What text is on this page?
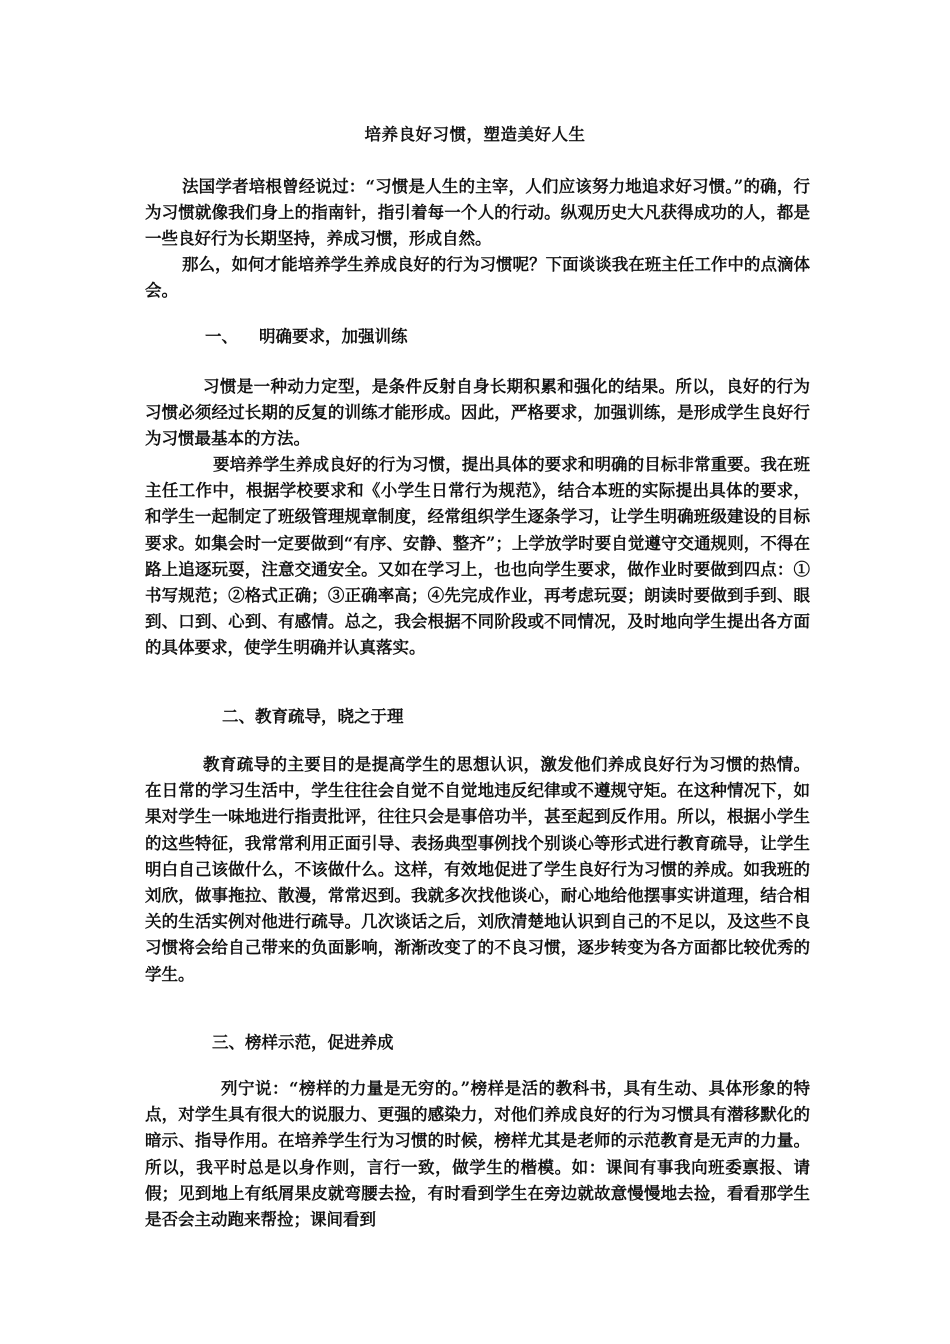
培养良好习惯，塑造美好人生

法国学者培根曾经说过：“习惯是人生的主宰，人们应该努力地追求好习惯。”的确，行为习惯就像我们身上的指南针，指引着每一个人的行动。纵观历史大凡获得成功的人，都是一些良好行为长期坚持，养成习惯，形成自然。

那么，如何才能培养学生养成良好的行为习惯呢？下面谈谈我在班主任工作中的点滴体会。

一、 明确要求，加强训练

习惯是一种动力定型，是条件反射自身长期积累和强化的结果。所以，良好的行为习惯必须经过长期的反复的训练才能形成。因此，严格要求，加强训练，是形成学生良好行为习惯最基本的方法。

要培养学生养成良好的行为习惯，提出具体的要求和明确的目标非常重要。我在班主任工作中，根据学校要求和《小学生日常行为规范》，结合本班的实际提出具体的要求，和学生一起制定了班级管理规章制度，经常组织学生逐条学习，让学生明确班级建设的目标要求。如集会时一定要做到“有序、安静、整齐”；上学放学时要自觉遵守交通规则，不得在路上追逐玩耍，注意交通安全。又如在学习上，也也向学生要求，做作业时要做到四点：①书写规范；②格式正确；③正确率高；④先完成作业，再考虑玩耍；朗读时要做到手到、眼到、口到、心到、有感情。总之，我会根据不同阶段或不同情况，及时地向学生提出各方面的具体要求，使学生明确并认真落实。

二、教育疏导，晓之于理

教育疏导的主要目的是提高学生的思想认识，激发他们养成良好行为习惯的热情。在日常的学习生活中，学生往往会自觉不自觉地违反纪律或不遵规守矩。在这种情况下，如果对学生一味地进行指责批评，往往只会是事倍功半，甚至起到反作用。所以，根据小学生的这些特征，我常常利用正面引导、表扬典型事例找个别谈心等形式进行教育疏导，让学生明白自己该做什么，不该做什么。这样，有效地促进了学生良好行为习惯的养成。如我班的刘欣，做事拖拉、散漫，常常迟到。我就多次找他谈心，耐心地给他摆事实讲道理，结合相关的生活实例对他进行疏导。几次谈话之后，刘欣清楚地认识到自己的不足以，及这些不良习惯将会给自己带来的负面影响，渐渐改变了的不良习惯，逐步转变为各方面都比较优秀的学生。

三、榜样示范，促进养成

列宁说：“榜样的力量是无穷的。”榜样是活的教科书，具有生动、具体形象的特点，对学生具有很大的说服力、更强的感染力，对他们养成良好的行为习惯具有潜移默化的暗示、指导作用。在培养学生行为习惯的时候，榜样尤其是老师的示范教育是无声的力量。所以，我平时总是以身作则，言行一致，做学生的楷模。如：课间有事我向班委禀报、请假；见到地上有纸屑果皮就弯腰去捡，有时看到学生在旁边就故意慢慢地去捡，看看那学生是否会主动跑来帮捡；课间看到
